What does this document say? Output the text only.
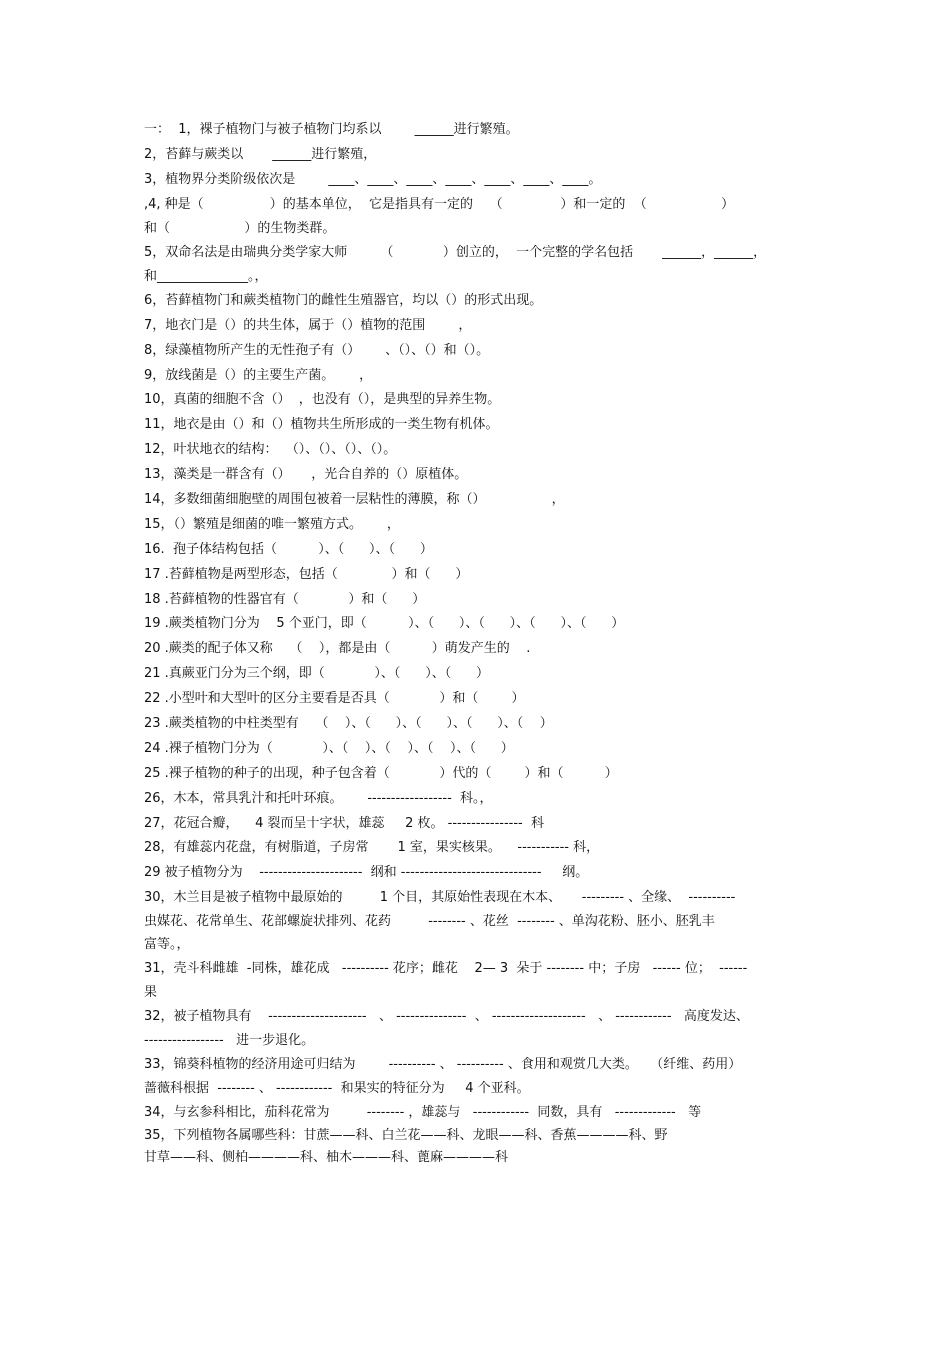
一：  1，裸子植物门与被子植物门均系以        ______进行繁殖。

2，苔藓与蕨类以       ______进行繁殖，

3，植物界分类阶级依次是        ____、____、____、____、____、____、____。

,4, 种是（                ）的基本单位，  它是指具有一定的    （              ）和一定的  （                  ）

和（                  ）的生物类群。

5，双命名法是由瑞典分类学家大师        （            ）创立的，  一个完整的学名包括       ______，______，

和______________。，

6，苔藓植物门和蕨类植物门的雌性生殖器官，均以（）的形式出现。

7，地衣门是（）的共生体，属于（）植物的范围        ，

8，绿藻植物所产生的无性孢子有（）      、（）、（）和（）。

9，放线菌是（）的主要生产菌。      ，

10，真菌的细胞不含（）  ，也没有（），是典型的异养生物。

11，地衣是由（）和（）植物共生所形成的一类生物有机体。

12，叶状地衣的结构：  （）、（）、（）、（）。

13，藻类是一群含有（）     ，光合自养的（）原植体。

14，多数细菌细胞壁的周围包被着一层粘性的薄膜，称（）                ，

15，（）繁殖是细菌的唯一繁殖方式。      ，

16.  孢子体结构包括（          ）、（      ）、（      ）

17 .苔藓植物是两型形态，包括（             ）和（      ）

18 .苔藓植物的性器官有（            ）和（      ）

19 .蕨类植物门分为    5 个亚门，即（          ）、（      ）、（      ）、（      ）、（      ）

20 .蕨类的配子体又称    （    ），都是由（          ）萌发产生的    .

21 .真蕨亚门分为三个纲，即（            ）、（      ）、（      ）

22 .小型叶和大型叶的区分主要看是否具（            ）和（        ）

23 .蕨类植物的中柱类型有    （    ）、（      ）、（      ）、（      ）、（    ）

24 .裸子植物门分为（            ）、（    ）、（    ）、（    ）、（      ）

25 .裸子植物的种子的出现，种子包含着（            ）代的（        ）和（          ）

26，木本，常具乳汁和托叶环痕。      ------------------  科。，

27，花冠合瓣，    4 裂而呈十字状，雄蕊     2 枚。 ----------------  科

28，有雄蕊内花盘，有树脂道，子房常       1 室，果实核果。    ----------- 科，

29 被子植物分为    ----------------------  纲和 ------------------------------     纲。

30，木兰目是被子植物中最原始的         1 个目，其原始性表现在木本、     --------- 、全缘、  ----------

虫媒花、花常单生、花部螺旋状排列、花药         -------- 、花丝  -------- 、单沟花粉、胚小、胚乳丰

富等。，

31，壳斗科雌雄  -同株，雄花成   ---------- 花序；雌花    2— 3  朵于 -------- 中；子房   ------ 位；  ------

果

32，被子植物具有    ---------------------   、 ---------------  、 --------------------   、 ------------   高度发达、

-----------------   进一步退化。

33，锦葵科植物的经济用途可归结为        ---------- 、 ---------- 、食用和观赏几大类。   （纤维、药用）

蔷薇科根据  -------- 、 ------------  和果实的特征分为     4 个亚科。

34，与玄参科相比，茄科花常为         -------- ，雄蕊与   ------------  同数，具有   -------------   等

35，下列植物各属哪些科：甘蔗——科、白兰花——科、龙眼——科、香蕉————科、野

甘草——科、侧柏————科、柚木———科、蓖麻————科
